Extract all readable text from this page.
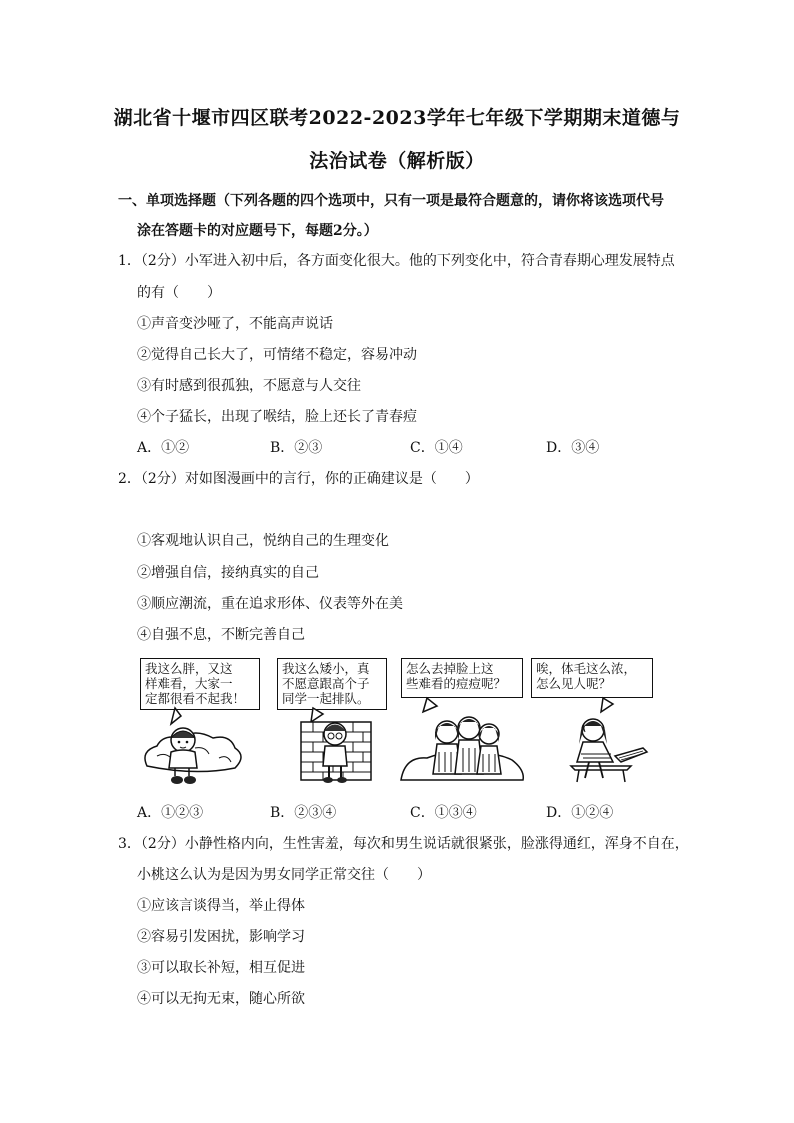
湖北省十堰市四区联考2022-2023学年七年级下学期期末道德与
法治试卷（解析版）
一、单项选择题（下列各题的四个选项中，只有一项是最符合题意的，请你将该选项代号
涂在答题卡的对应题号下，每题2分。）
1．（2分）小军进入初中后，各方面变化很大。他的下列变化中，符合青春期心理发展特点
的有（　　）
①声音变沙哑了，不能高声说话
②觉得自己长大了，可情绪不稳定，容易冲动
③有时感到很孤独，不愿意与人交往
④个子猛长，出现了喉结，脸上还长了青春痘
A．①②	B．②③	C．①④	D．③④
2．（2分）对如图漫画中的言行，你的正确建议是（　　）
①客观地认识自己，悦纳自己的生理变化
②增强自信，接纳真实的自己
③顺应潮流，重在追求形体、仪表等外在美
④自强不息，不断完善自己
我这么胖，又这
样难看，大家一
定都很看不起我！
我这么矮小，真
不愿意跟高个子
同学一起排队。
怎么去掉脸上这
些难看的痘痘呢？
唉，体毛这么浓，
怎么见人呢？
A．①②③	B．②③④	C．①③④	D．①②④
3．（2分）小静性格内向，生性害羞，每次和男生说话就很紧张，脸涨得通红，浑身不自在，
小桃这么认为是因为男女同学正常交往（　　）
①应该言谈得当，举止得体
②容易引发困扰，影响学习
③可以取长补短，相互促进
④可以无拘无束，随心所欲
